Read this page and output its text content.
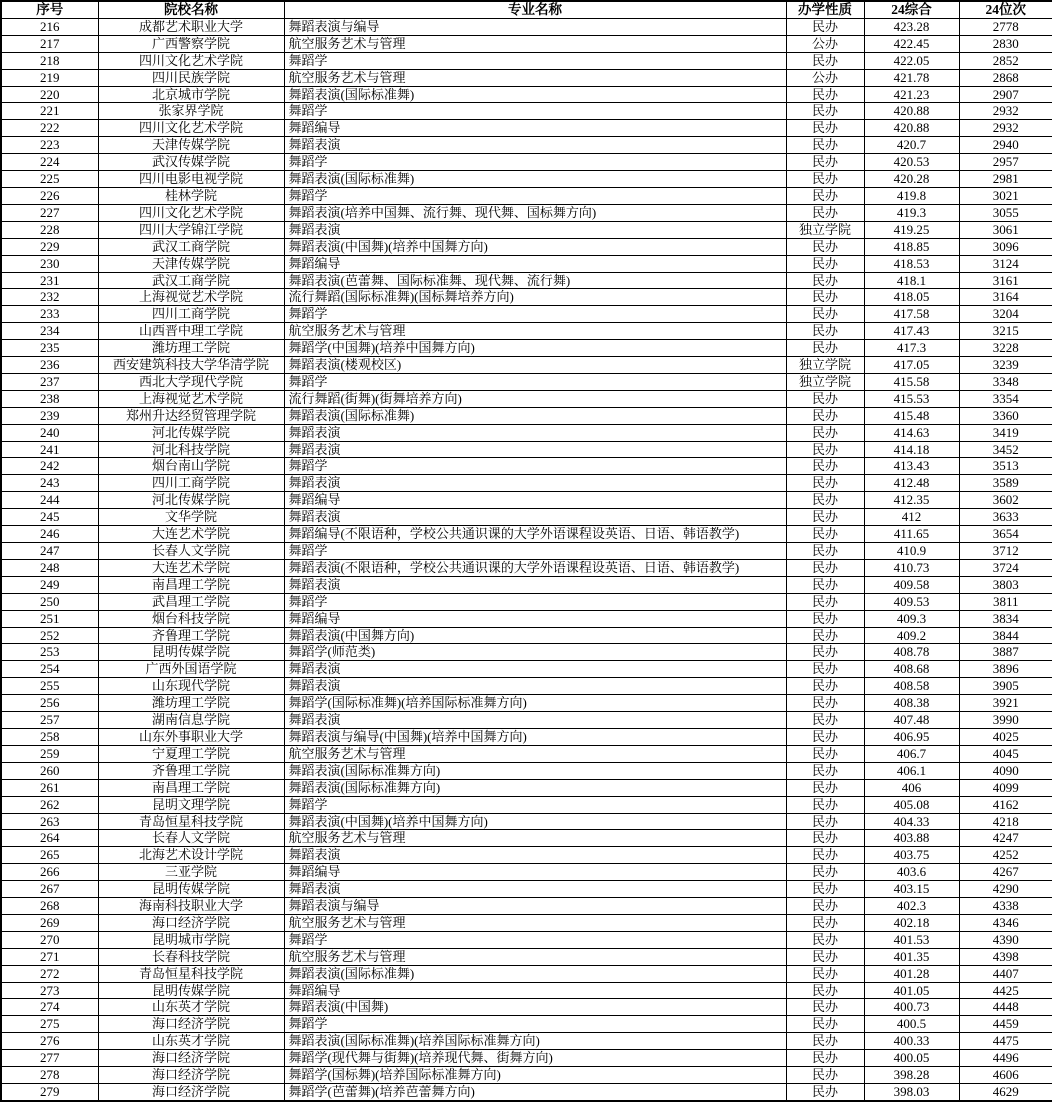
序号	院校名称	专业名称	办学性质	24综合	24位次
216	成都艺术职业大学	舞蹈表演与编导	民办	423.28	2778
217	广西警察学院	航空服务艺术与管理	公办	422.45	2830
218	四川文化艺术学院	舞蹈学	民办	422.05	2852
219	四川民族学院	航空服务艺术与管理	公办	421.78	2868
220	北京城市学院	舞蹈表演(国际标准舞)	民办	421.23	2907
221	张家界学院	舞蹈学	民办	420.88	2932
222	四川文化艺术学院	舞蹈编导	民办	420.88	2932
223	天津传媒学院	舞蹈表演	民办	420.7	2940
224	武汉传媒学院	舞蹈学	民办	420.53	2957
225	四川电影电视学院	舞蹈表演(国际标准舞)	民办	420.28	2981
226	桂林学院	舞蹈学	民办	419.8	3021
227	四川文化艺术学院	舞蹈表演(培养中国舞、流行舞、现代舞、国标舞方向)	民办	419.3	3055
228	四川大学锦江学院	舞蹈表演	独立学院	419.25	3061
229	武汉工商学院	舞蹈表演(中国舞)(培养中国舞方向)	民办	418.85	3096
230	天津传媒学院	舞蹈编导	民办	418.53	3124
231	武汉工商学院	舞蹈表演(芭蕾舞、国际标准舞、现代舞、流行舞)	民办	418.1	3161
232	上海视觉艺术学院	流行舞蹈(国际标准舞)(国标舞培养方向)	民办	418.05	3164
233	四川工商学院	舞蹈学	民办	417.58	3204
234	山西晋中理工学院	航空服务艺术与管理	民办	417.43	3215
235	潍坊理工学院	舞蹈学(中国舞)(培养中国舞方向)	民办	417.3	3228
236	西安建筑科技大学华清学院	舞蹈表演(楼观校区)	独立学院	417.05	3239
237	西北大学现代学院	舞蹈学	独立学院	415.58	3348
238	上海视觉艺术学院	流行舞蹈(街舞)(街舞培养方向)	民办	415.53	3354
239	郑州升达经贸管理学院	舞蹈表演(国际标准舞)	民办	415.48	3360
240	河北传媒学院	舞蹈表演	民办	414.63	3419
241	河北科技学院	舞蹈表演	民办	414.18	3452
242	烟台南山学院	舞蹈学	民办	413.43	3513
243	四川工商学院	舞蹈表演	民办	412.48	3589
244	河北传媒学院	舞蹈编导	民办	412.35	3602
245	文华学院	舞蹈表演	民办	412	3633
246	大连艺术学院	舞蹈编导(不限语种，学校公共通识课的大学外语课程设英语、日语、韩语教学)	民办	411.65	3654
247	长春人文学院	舞蹈学	民办	410.9	3712
248	大连艺术学院	舞蹈表演(不限语种，学校公共通识课的大学外语课程设英语、日语、韩语教学)	民办	410.73	3724
249	南昌理工学院	舞蹈表演	民办	409.58	3803
250	武昌理工学院	舞蹈学	民办	409.53	3811
251	烟台科技学院	舞蹈编导	民办	409.3	3834
252	齐鲁理工学院	舞蹈表演(中国舞方向)	民办	409.2	3844
253	昆明传媒学院	舞蹈学(师范类)	民办	408.78	3887
254	广西外国语学院	舞蹈表演	民办	408.68	3896
255	山东现代学院	舞蹈表演	民办	408.58	3905
256	潍坊理工学院	舞蹈学(国际标准舞)(培养国际标准舞方向)	民办	408.38	3921
257	湖南信息学院	舞蹈表演	民办	407.48	3990
258	山东外事职业大学	舞蹈表演与编导(中国舞)(培养中国舞方向)	民办	406.95	4025
259	宁夏理工学院	航空服务艺术与管理	民办	406.7	4045
260	齐鲁理工学院	舞蹈表演(国际标准舞方向)	民办	406.1	4090
261	南昌理工学院	舞蹈表演(国际标准舞方向)	民办	406	4099
262	昆明文理学院	舞蹈学	民办	405.08	4162
263	青岛恒星科技学院	舞蹈表演(中国舞)(培养中国舞方向)	民办	404.33	4218
264	长春人文学院	航空服务艺术与管理	民办	403.88	4247
265	北海艺术设计学院	舞蹈表演	民办	403.75	4252
266	三亚学院	舞蹈编导	民办	403.6	4267
267	昆明传媒学院	舞蹈表演	民办	403.15	4290
268	海南科技职业大学	舞蹈表演与编导	民办	402.3	4338
269	海口经济学院	航空服务艺术与管理	民办	402.18	4346
270	昆明城市学院	舞蹈学	民办	401.53	4390
271	长春科技学院	航空服务艺术与管理	民办	401.35	4398
272	青岛恒星科技学院	舞蹈表演(国际标准舞)	民办	401.28	4407
273	昆明传媒学院	舞蹈编导	民办	401.05	4425
274	山东英才学院	舞蹈表演(中国舞)	民办	400.73	4448
275	海口经济学院	舞蹈学	民办	400.5	4459
276	山东英才学院	舞蹈表演(国际标准舞)(培养国际标准舞方向)	民办	400.33	4475
277	海口经济学院	舞蹈学(现代舞与街舞)(培养现代舞、街舞方向)	民办	400.05	4496
278	海口经济学院	舞蹈学(国标舞)(培养国际标准舞方向)	民办	398.28	4606
279	海口经济学院	舞蹈学(芭蕾舞)(培养芭蕾舞方向)	民办	398.03	4629
